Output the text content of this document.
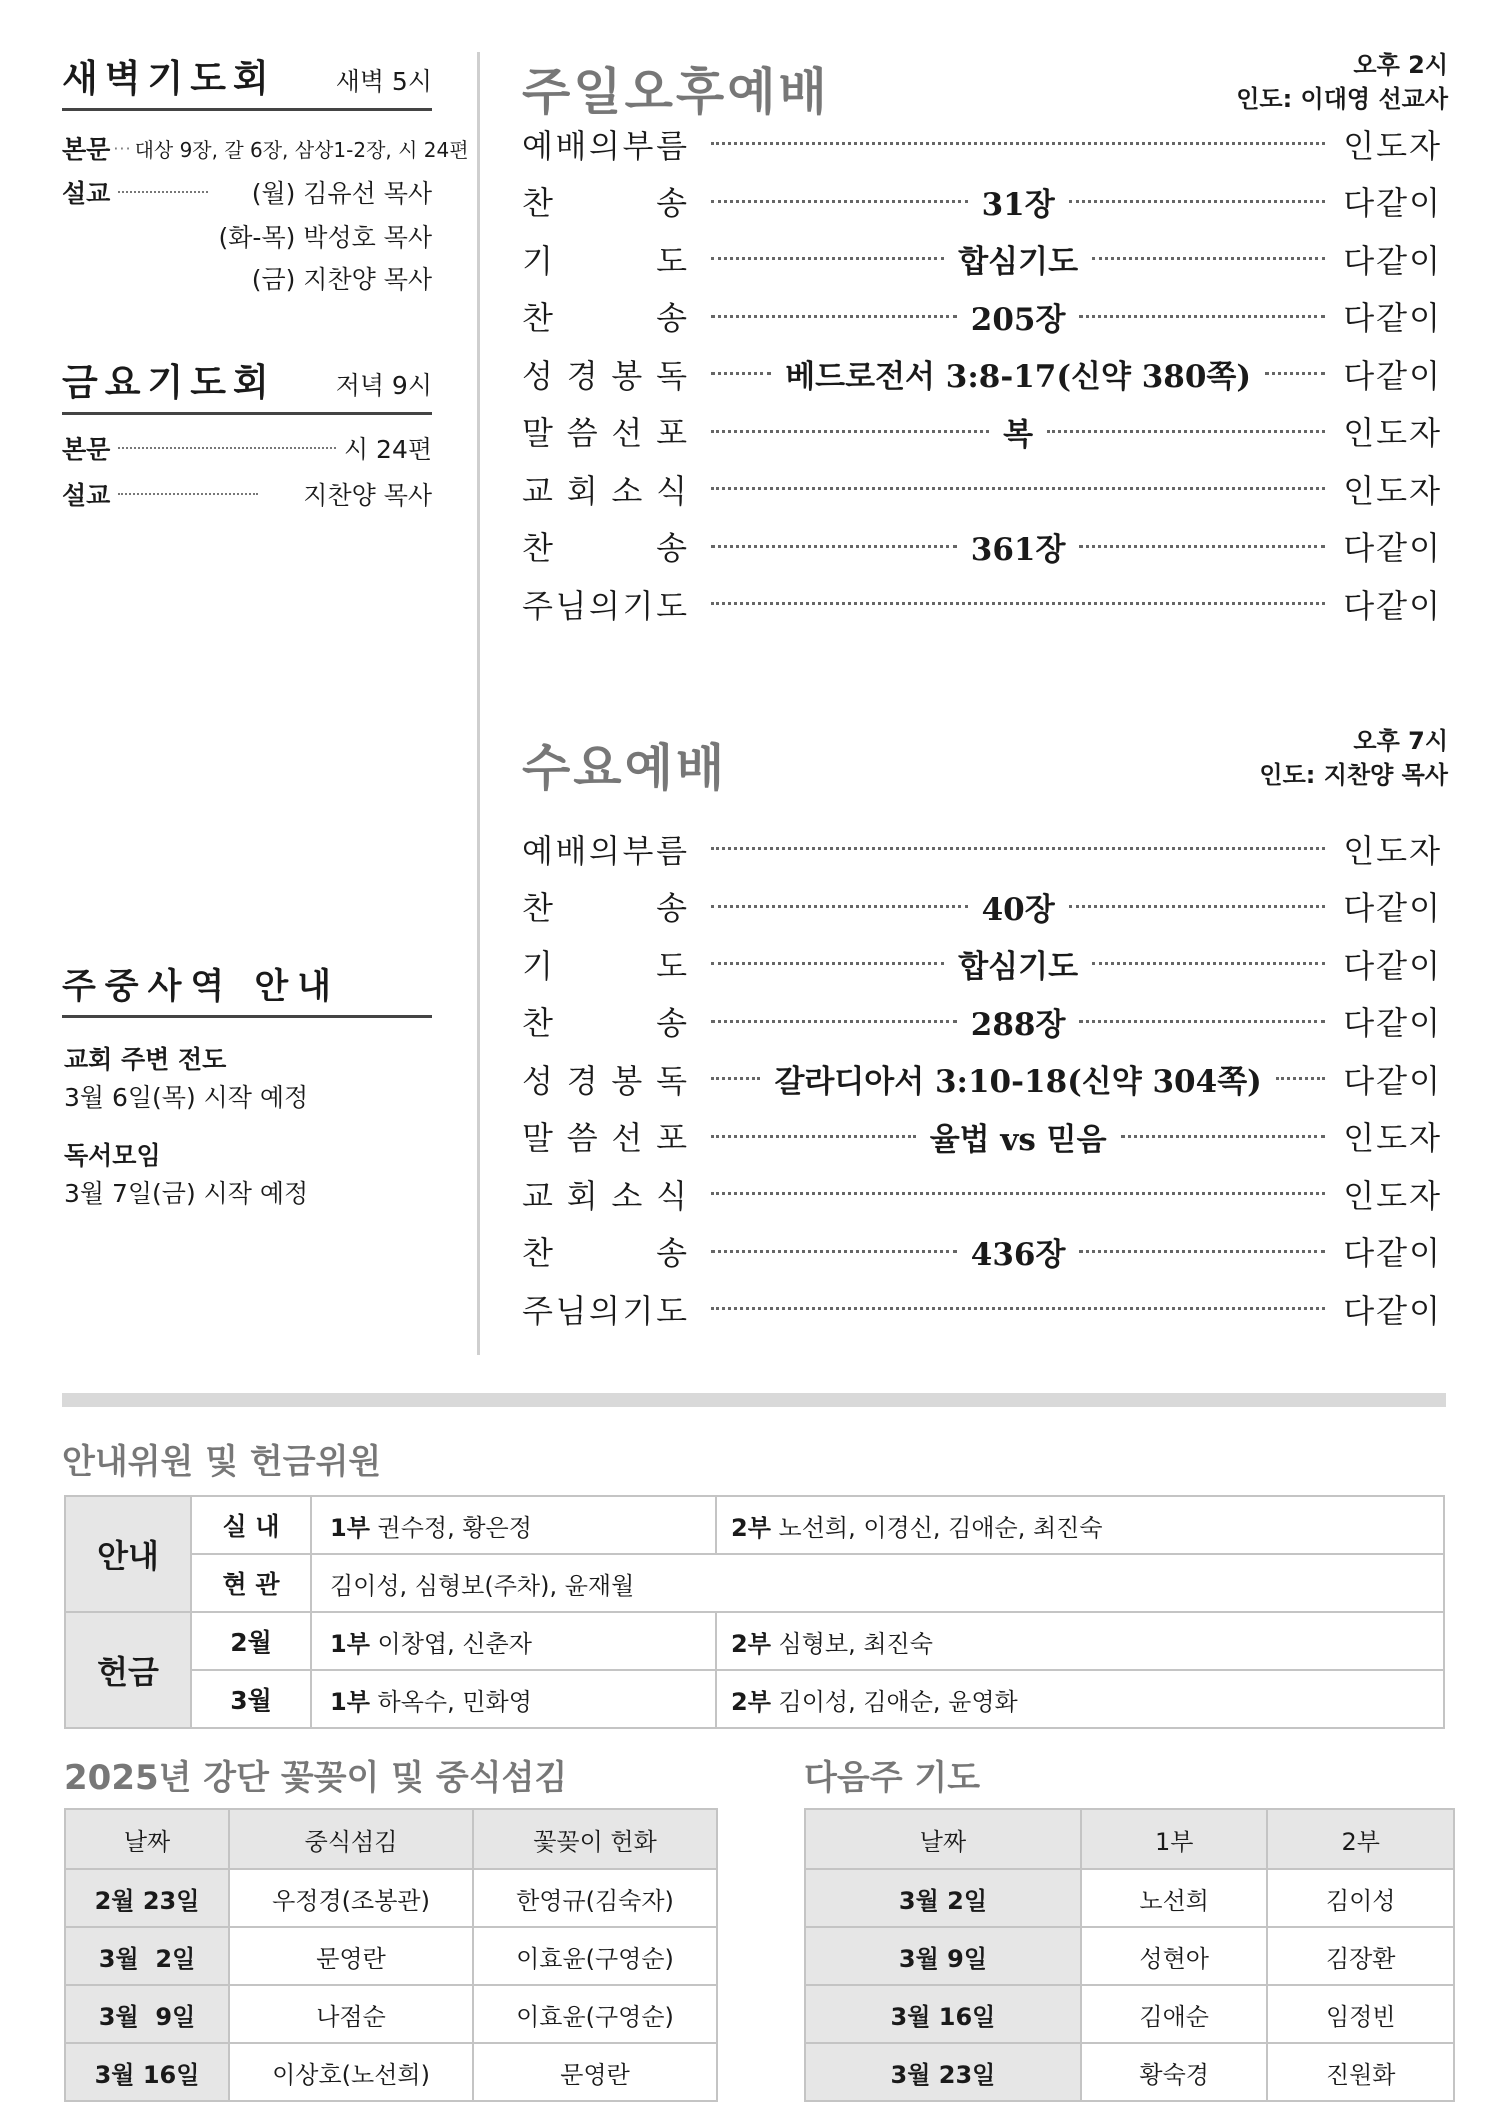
새벽기도회 새벽 5시
본문 ··· 대상 9장, 갈 6장, 삼상1-2장, 시 24편
설교	(월) 김유선 목사
(화-목) 박성호 목사
(금) 지찬양 목사
금요기도회 저녁 9시
본문	시 24편
설교	지찬양 목사
주중사역 안내
교회 주변 전도
3월 6일(목) 시작 예정
독서모임
3월 7일(금) 시작 예정
주일오후예배	오후 2시
인도: 이대영 선교사
예 배 의 부 름	인도자
찬	송	31장	다같이
기	도	합심기도	다같이
찬	송	205장	다같이
성 경 봉 독	베드로전서 3:8-17(신약 380쪽)	다같이
말 씀 선 포	복	인도자
교 회 소 식	인도자
찬	송	361장	다같이
주 님 의 기 도	다같이
수요예배	오후 7시
인도: 지찬양 목사
예 배 의 부 름	인도자
찬	송	40장	다같이
기	도	합심기도	다같이
찬	송	288장	다같이
성 경 봉 독	갈라디아서 3:10-18(신약 304쪽)	다같이
말 씀 선 포	율법 vs 믿음	인도자
교 회 소 식	인도자
찬	송	436장	다같이
주 님 의 기 도	다같이
안내위원 및 헌금위원
안내	실 내	1부 권수정, 황은정	2부 노선희, 이경신, 김애순, 최진숙
	현 관	김이성, 심형보(주차), 윤재월	
헌금	2월	1부 이창엽, 신춘자	2부 심형보, 최진숙
	3월	1부 하옥수, 민화영	2부 김이성, 김애순, 윤영화
2025년 강단 꽃꽂이 및 중식섬김
날짜	중식섬김	꽃꽂이 헌화
2월 23일	우정경(조봉관)	한영규(김숙자)
3월  2일	문영란	이효윤(구영순)
3월  9일	나점순	이효윤(구영순)
3월 16일	이상호(노선희)	문영란
다음주 기도
날짜	1부	2부
3월 2일	노선희	김이성
3월 9일	성현아	김장환
3월 16일	김애순	임정빈
3월 23일	황숙경	진원화
